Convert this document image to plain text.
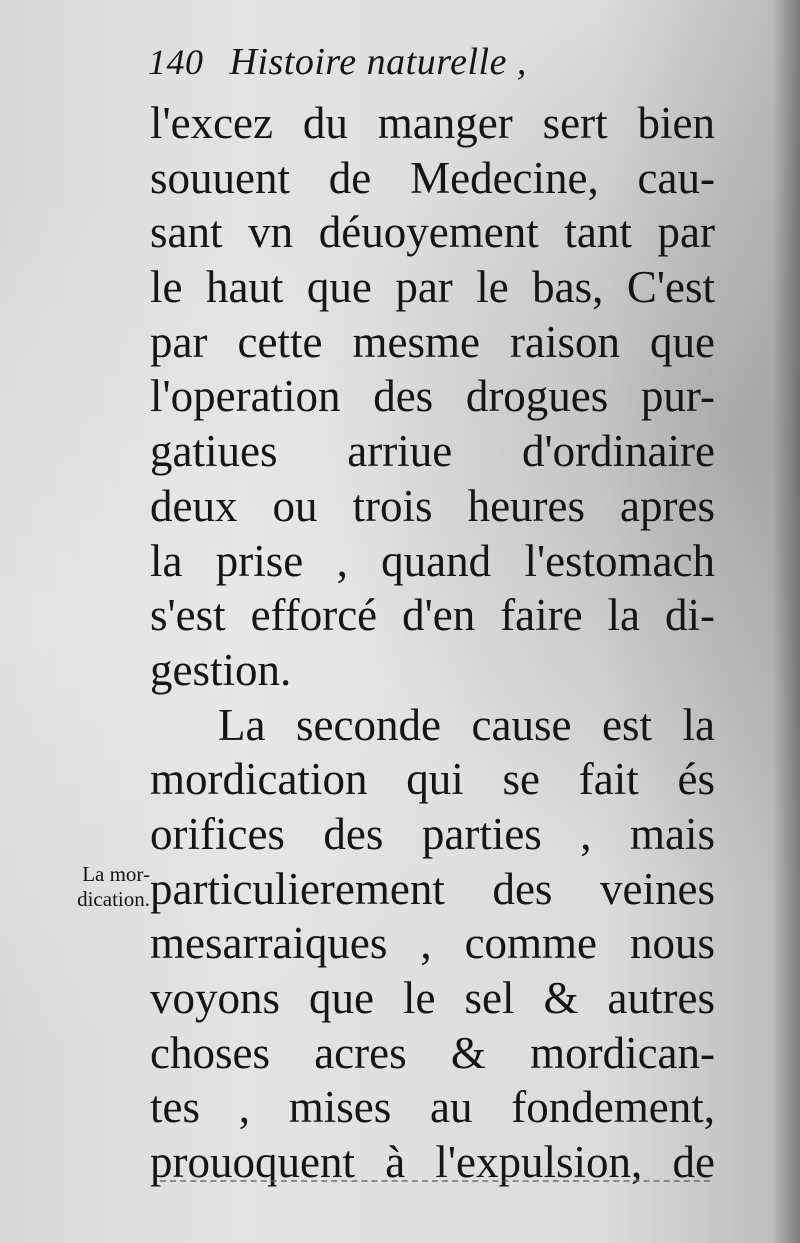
140 Histoire naturelle ,
l'excez du manger sert bien
souuent de Medecine, cau-
sant vn déuoyement tant par
le haut que par le bas, C'est
par cette mesme raison que
l'operation des drogues pur-
gatiues arriue d'ordinaire
deux ou trois heures apres
la prise , quand l'estomach
s'est efforcé d'en faire la di-
gestion.
La seconde cause est la
mordication qui se fait és
orifices des parties , mais
particulierement des veines
mesarraiques , comme nous
voyons que le sel & autres
choses acres & mordican-
tes , mises au fondement,
prouoquent à l'expulsion, de
La mor-
dication.
